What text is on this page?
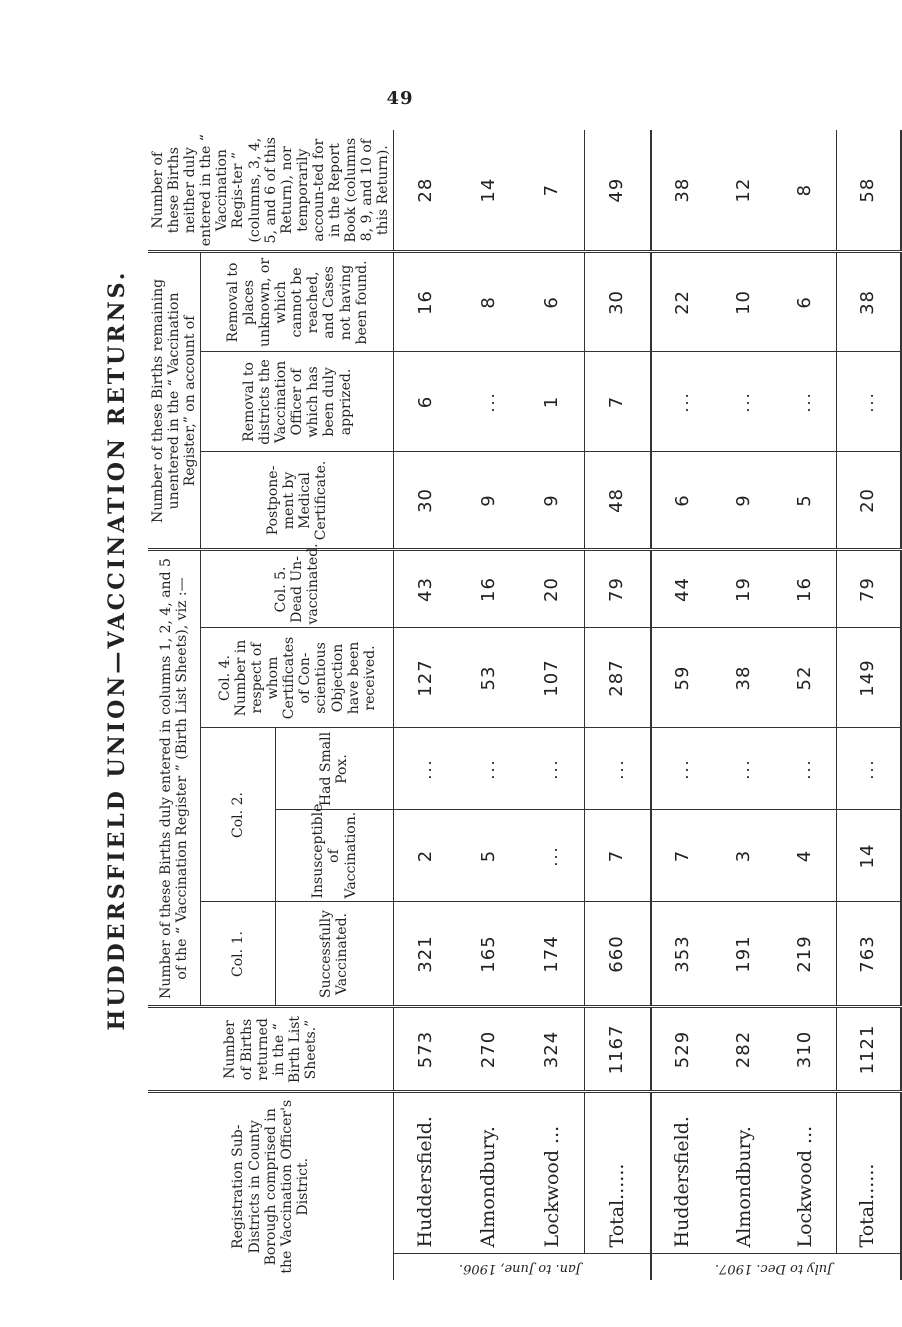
49
HUDDERSFIELD UNION—VACCINATION RETURNS.
Registration Sub-Districts in County Borough comprised in the Vaccination Officer's District.		Number of Births returned in the “ Birth List Sheets.”	Number of these Births duly entered in columns 1, 2, 4, and 5 of the “ Vaccination Register ” (Birth List Sheets), viz :—					Number of these Births remaining unentered in the “ Vaccination Register,” on account of			Number of these Births neither duly entered in the “ Vaccination Regis-ter ” (columns, 3, 4, 5, and 6 of this Return), nor temporarily accoun-ted for in the Report Book (columns 8, 9, and 10 of this Return).
			Col. 1.	Col. 2.		Col. 4. Number in respect of whom Certificates of Con-scientious Objection have been received.	Col. 5. Dead Un-vaccinated.	Postpone-ment by Medical Certificate.	Removal to districts the Vaccination Officer of which has been duly apprized.	Removal to places unknown, or which cannot be reached, and Cases not having been found.	
			Successfully Vaccinated.	Insusceptible of Vaccination.	Had Small Pox.						
Jan. to June, 1906.	Huddersfield.	573	321	2	...	127	43	30	6	16	28
	Almondbury.	270	165	5	...	53	16	9	...	8	14
	Lockwood ...	324	174	...	...	107	20	9	1	6	7
	Total......	1167	660	7	...	287	79	48	7	30	49
July to Dec. 1907.	Huddersfield.	529	353	7	...	59	44	6	...	22	38
	Almondbury.	282	191	3	...	38	19	9	...	10	12
	Lockwood ...	310	219	4	...	52	16	5	...	6	8
	Total......	1121	763	14	...	149	79	20	...	38	58
